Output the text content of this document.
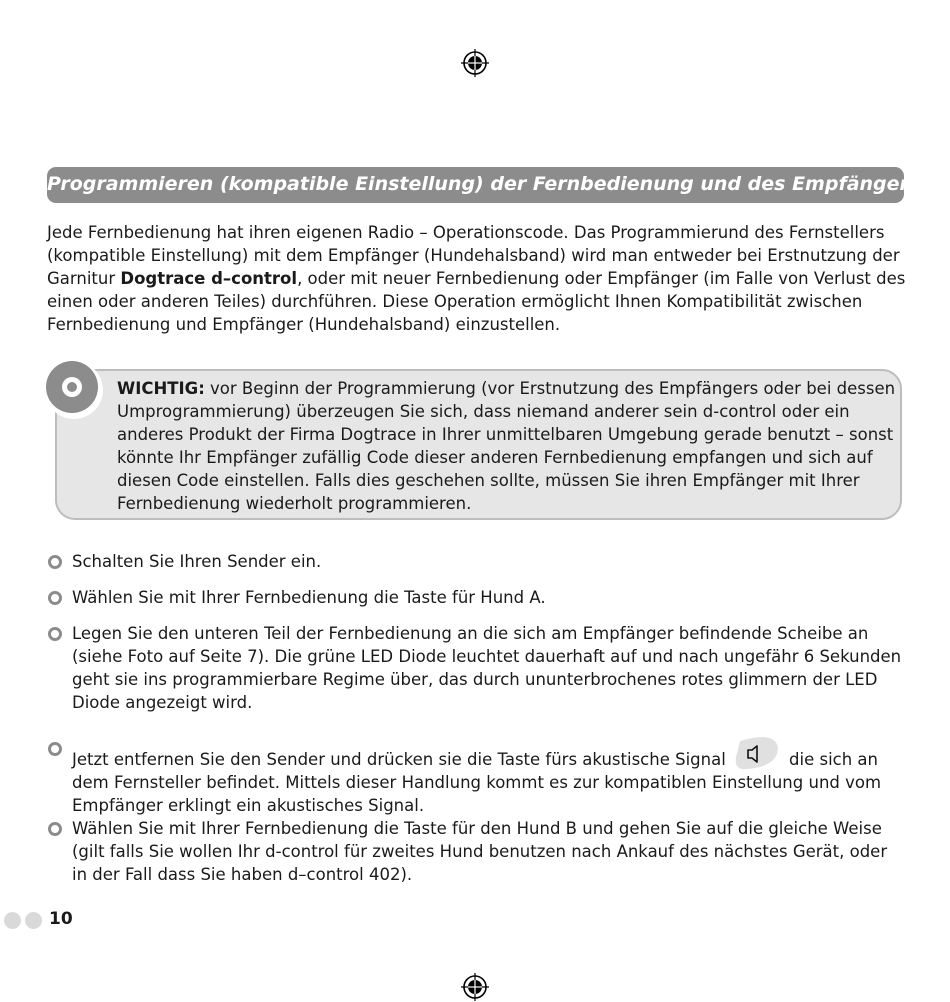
Programmieren (kompatible Einstellung) der Fernbedienung und des Empfängers

Jede Fernbedienung hat ihren eigenen Radio – Operationscode. Das Programmierund des Fernstellers (kompatible Einstellung) mit dem Empfänger (Hundehalsband) wird man entweder bei Erstnutzung der Garnitur Dogtrace d–control, oder mit neuer Fernbedienung oder Empfänger (im Falle von Verlust des einen oder anderen Teiles) durchführen. Diese Operation ermöglicht Ihnen Kompatibilität zwischen Fernbedienung und Empfänger (Hundehalsband) einzustellen.

WICHTIG: vor Beginn der Programmierung (vor Erstnutzung des Empfängers oder bei dessen Umprogrammierung) überzeugen Sie sich, dass niemand anderer sein d-control oder ein anderes Produkt der Firma Dogtrace in Ihrer unmittelbaren Umgebung gerade benutzt – sonst könnte Ihr Empfänger zufällig Code dieser anderen Fernbedienung empfangen und sich auf diesen Code einstellen. Falls dies geschehen sollte, müssen Sie ihren Empfänger mit Ihrer Fernbedienung wiederholt programmieren.
Schalten Sie Ihren Sender ein.
Wählen Sie mit Ihrer Fernbedienung die Taste für Hund A.
Legen Sie den unteren Teil der Fernbedienung an die sich am Empfänger befindende Scheibe an (siehe Foto auf Seite 7). Die grüne LED Diode leuchtet dauerhaft auf und nach ungefähr 6 Sekunden geht sie ins programmierbare Regime über, das durch ununterbrochenes rotes glimmern der LED Diode angezeigt wird.
Jetzt entfernen Sie den Sender und drücken sie die Taste fürs akustische Signal	die sich an dem Fernsteller befindet. Mittels dieser Handlung kommt es zur kompatiblen Einstellung und vom Empfänger erklingt ein akustisches Signal.
Wählen Sie mit Ihrer Fernbedienung die Taste für den Hund B und gehen Sie auf die gleiche Weise (gilt falls Sie wollen Ihr d-control für zweites Hund benutzen nach Ankauf des nächstes Gerät, oder in der Fall dass Sie haben d–control 402).
10
